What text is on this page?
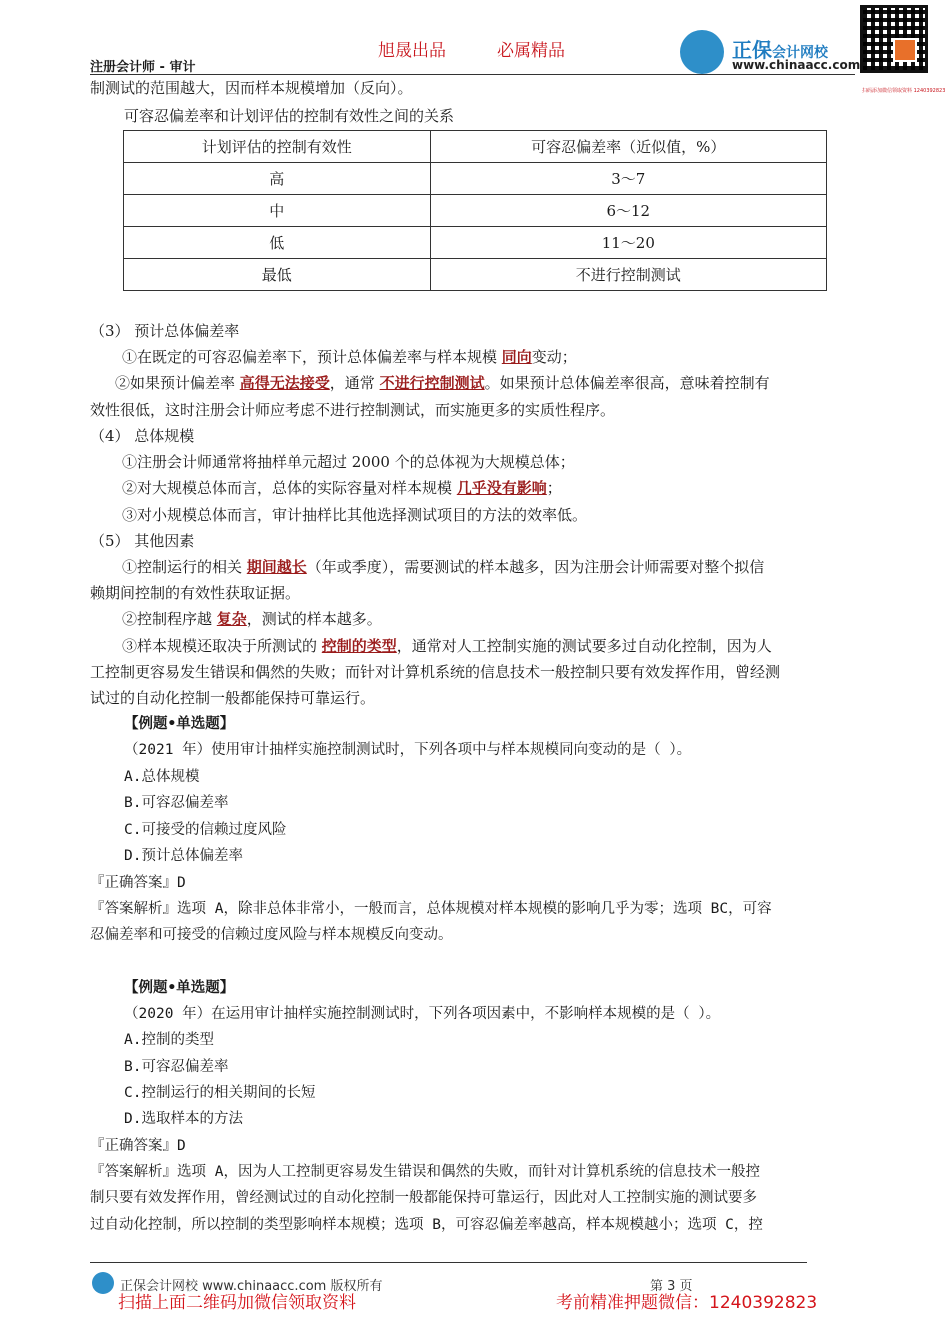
旭晟出品	必属精品
注册会计师 - 审计
正保会计网校
www.chinaacc.com
扫码添加微信领取资料 1240392823
制测试的范围越大，因而样本规模增加（反向）。
可容忍偏差率和计划评估的控制有效性之间的关系
计划评估的控制有效性	可容忍偏差率（近似值，%）
高	3～7
中	6～12
低	11～20
最低	不进行控制测试
（3） 预计总体偏差率
①在既定的可容忍偏差率下，预计总体偏差率与样本规模 同向变动；
②如果预计偏差率 高得无法接受，通常 不进行控制测试。如果预计总体偏差率很高，意味着控制有
效性很低，这时注册会计师应考虑不进行控制测试，而实施更多的实质性程序。
（4） 总体规模
①注册会计师通常将抽样单元超过 2000 个的总体视为大规模总体；
②对大规模总体而言，总体的实际容量对样本规模 几乎没有影响；
③对小规模总体而言，审计抽样比其他选择测试项目的方法的效率低。
（5） 其他因素
①控制运行的相关 期间越长（年或季度），需要测试的样本越多，因为注册会计师需要对整个拟信
赖期间控制的有效性获取证据。
②控制程序越 复杂，测试的样本越多。
③样本规模还取决于所测试的 控制的类型，通常对人工控制实施的测试要多过自动化控制，因为人
工控制更容易发生错误和偶然的失败；而针对计算机系统的信息技术一般控制只要有效发挥作用，曾经测
试过的自动化控制一般都能保持可靠运行。
【例题•单选题】
（2021 年）使用审计抽样实施控制测试时，下列各项中与样本规模同向变动的是（ ）。
A.总体规模
B.可容忍偏差率
C.可接受的信赖过度风险
D.预计总体偏差率
『正确答案』D
『答案解析』选项 A，除非总体非常小，一般而言，总体规模对样本规模的影响几乎为零；选项 BC，可容
忍偏差率和可接受的信赖过度风险与样本规模反向变动。
【例题•单选题】
（2020 年）在运用审计抽样实施控制测试时，下列各项因素中，不影响样本规模的是（ ）。
A.控制的类型
B.可容忍偏差率
C.控制运行的相关期间的长短
D.选取样本的方法
『正确答案』D
『答案解析』选项 A，因为人工控制更容易发生错误和偶然的失败，而针对计算机系统的信息技术一般控
制只要有效发挥作用，曾经测试过的自动化控制一般都能保持可靠运行，因此对人工控制实施的测试要多
过自动化控制，所以控制的类型影响样本规模；选项 B，可容忍偏差率越高，样本规模越小；选项 C，控
正保会计网校 www.chinaacc.com 版权所有	第 3 页
扫描上面二维码加微信领取资料	考前精准押题微信：1240392823
